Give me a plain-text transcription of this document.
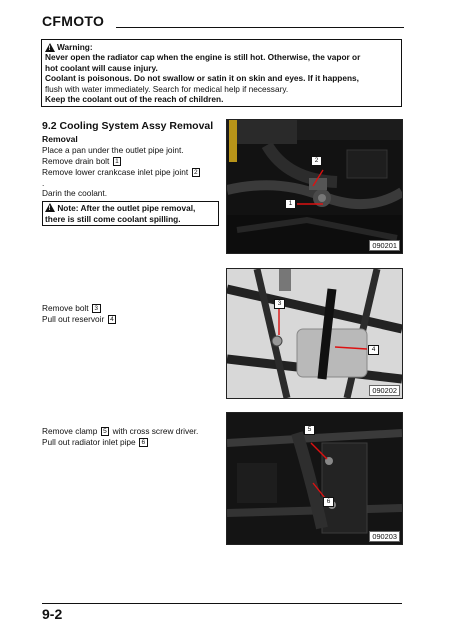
CFMOTO
!
Warning:
Never open the radiator cap when the engine is still hot. Otherwise, the vapor or
hot coolant will cause injury.
Coolant is poisonous. Do not swallow or satin it on skin and eyes. If it happens,
flush with water immediately. Search for medical help if necessary.
Keep the coolant out of the reach of children.
9.2 Cooling System Assy Removal
Removal
Place a pan under the outlet pipe joint.
Remove drain bolt 1
Remove lower crankcase inlet pipe joint 2
.
Darin the coolant.
! Note: After the outlet pipe removal,
there is still come coolant spilling.
2
1
090201
Remove bolt 3
Pull out reservoir 4
3
4
090202
Remove clamp 5 with cross screw driver.
Pull out radiator inlet pipe 6
5
6
090203
9-2
